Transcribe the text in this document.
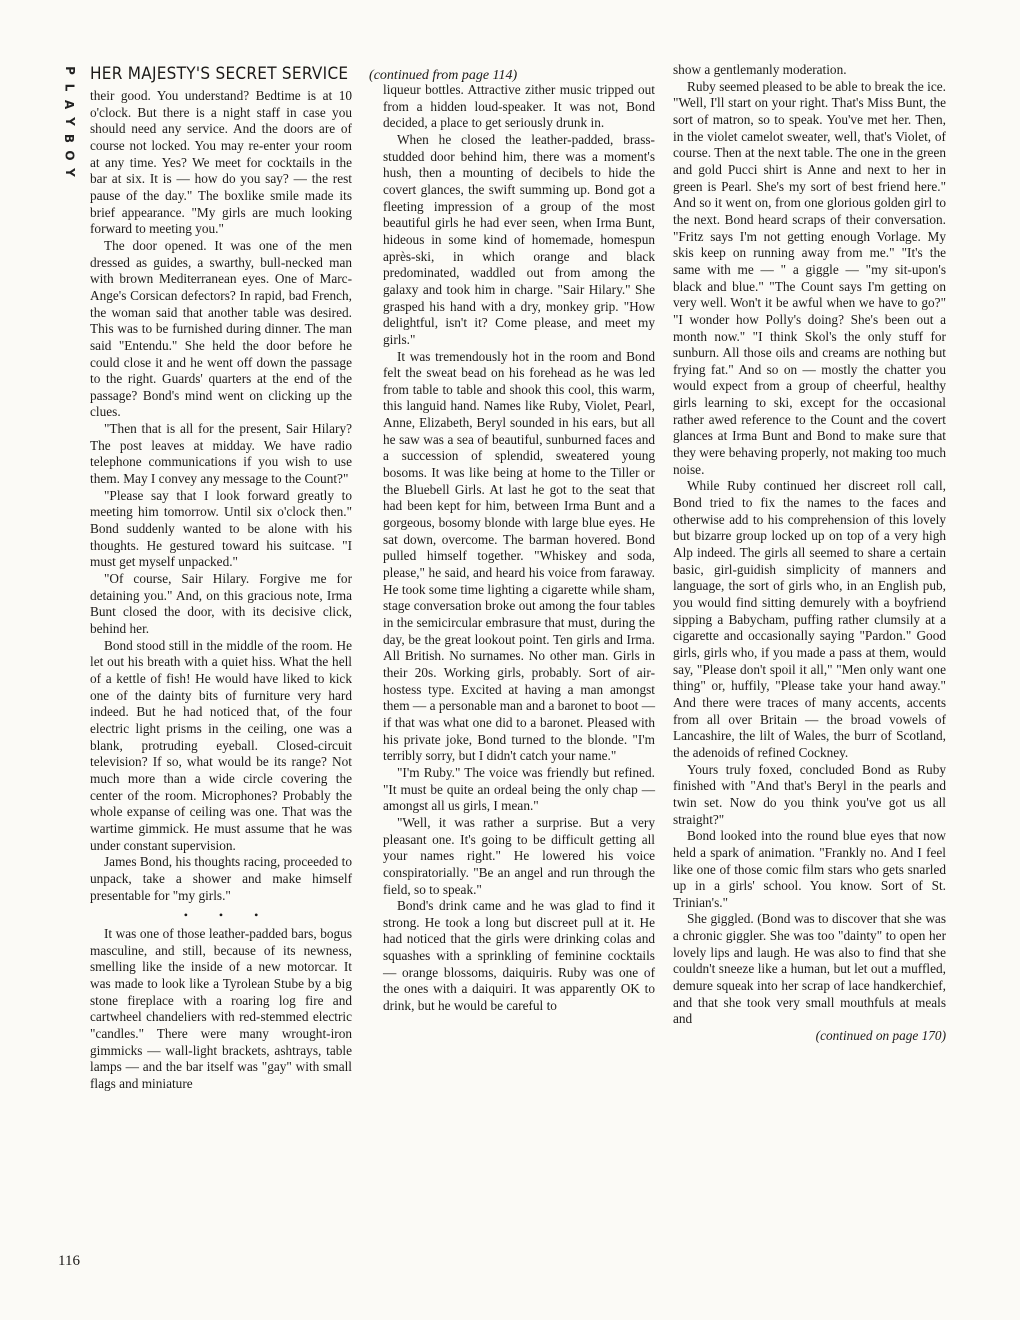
P
L
A
Y
B
O
Y
HER MAJESTY'S SECRET SERVICE (continued from page 114)

their good. You understand? Bedtime is at 10 o'clock. But there is a night staff in case you should need any service. And the doors are of course not locked. You may re-enter your room at any time. Yes? We meet for cocktails in the bar at six. It is — how do you say? — the rest pause of the day." The boxlike smile made its brief appearance. "My girls are much looking forward to meeting you."

The door opened. It was one of the men dressed as guides, a swarthy, bull-necked man with brown Mediterranean eyes. One of Marc-Ange's Corsican defectors? In rapid, bad French, the woman said that another table was desired. This was to be furnished during dinner. The man said "Entendu." She held the door before he could close it and he went off down the passage to the right. Guards' quarters at the end of the passage? Bond's mind went on clicking up the clues.

"Then that is all for the present, Sair Hilary? The post leaves at midday. We have radio telephone communications if you wish to use them. May I convey any message to the Count?"

"Please say that I look forward greatly to meeting him tomorrow. Until six o'clock then." Bond suddenly wanted to be alone with his thoughts. He gestured toward his suitcase. "I must get myself unpacked."

"Of course, Sair Hilary. Forgive me for detaining you." And, on this gracious note, Irma Bunt closed the door, with its decisive click, behind her.

Bond stood still in the middle of the room. He let out his breath with a quiet hiss. What the hell of a kettle of fish! He would have liked to kick one of the dainty bits of furniture very hard indeed. But he had noticed that, of the four electric light prisms in the ceiling, one was a blank, protruding eyeball. Closed-circuit television? If so, what would be its range? Not much more than a wide circle covering the center of the room. Microphones? Probably the whole expanse of ceiling was one. That was the wartime gimmick. He must assume that he was under constant supervision.

James Bond, his thoughts racing, proceeded to unpack, take a shower and make himself presentable for "my girls."

• • •

It was one of those leather-padded bars, bogus masculine, and still, because of its newness, smelling like the inside of a new motorcar. It was made to look like a Tyrolean Stube by a big stone fireplace with a roaring log fire and cartwheel chandeliers with red-stemmed electric "candles." There were many wrought-iron gimmicks — wall-light brackets, ashtrays, table lamps — and the bar itself was "gay" with small flags and miniature

liqueur bottles. Attractive zither music tripped out from a hidden loud-speaker. It was not, Bond decided, a place to get seriously drunk in.

When he closed the leather-padded, brass-studded door behind him, there was a moment's hush, then a mounting of decibels to hide the covert glances, the swift summing up. Bond got a fleeting impression of a group of the most beautiful girls he had ever seen, when Irma Bunt, hideous in some kind of homemade, homespun après-ski, in which orange and black predominated, waddled out from among the galaxy and took him in charge. "Sair Hilary." She grasped his hand with a dry, monkey grip. "How delightful, isn't it? Come please, and meet my girls."

It was tremendously hot in the room and Bond felt the sweat bead on his forehead as he was led from table to table and shook this cool, this warm, this languid hand. Names like Ruby, Violet, Pearl, Anne, Elizabeth, Beryl sounded in his ears, but all he saw was a sea of beautiful, sunburned faces and a succession of splendid, sweatered young bosoms. It was like being at home to the Tiller or the Bluebell Girls. At last he got to the seat that had been kept for him, between Irma Bunt and a gorgeous, bosomy blonde with large blue eyes. He sat down, overcome. The barman hovered. Bond pulled himself together. "Whiskey and soda, please," he said, and heard his voice from faraway. He took some time lighting a cigarette while sham, stage conversation broke out among the four tables in the semicircular embrasure that must, during the day, be the great lookout point. Ten girls and Irma. All British. No surnames. No other man. Girls in their 20s. Working girls, probably. Sort of air-hostess type. Excited at having a man amongst them — a personable man and a baronet to boot — if that was what one did to a baronet. Pleased with his private joke, Bond turned to the blonde. "I'm terribly sorry, but I didn't catch your name."

"I'm Ruby." The voice was friendly but refined. "It must be quite an ordeal being the only chap — amongst all us girls, I mean."

"Well, it was rather a surprise. But a very pleasant one. It's going to be difficult getting all your names right." He lowered his voice conspiratorially. "Be an angel and run through the field, so to speak."

Bond's drink came and he was glad to find it strong. He took a long but discreet pull at it. He had noticed that the girls were drinking colas and squashes with a sprinkling of feminine cocktails — orange blossoms, daiquiris. Ruby was one of the ones with a daiquiri. It was apparently OK to drink, but he would be careful to

show a gentlemanly moderation.

Ruby seemed pleased to be able to break the ice. "Well, I'll start on your right. That's Miss Bunt, the sort of matron, so to speak. You've met her. Then, in the violet camelot sweater, well, that's Violet, of course. Then at the next table. The one in the green and gold Pucci shirt is Anne and next to her in green is Pearl. She's my sort of best friend here." And so it went on, from one glorious golden girl to the next. Bond heard scraps of their conversation. "Fritz says I'm not getting enough Vorlage. My skis keep on running away from me." "It's the same with me — " a giggle — "my sit-upon's black and blue." "The Count says I'm getting on very well. Won't it be awful when we have to go?" "I wonder how Polly's doing? She's been out a month now." "I think Skol's the only stuff for sunburn. All those oils and creams are nothing but frying fat." And so on — mostly the chatter you would expect from a group of cheerful, healthy girls learning to ski, except for the occasional rather awed reference to the Count and the covert glances at Irma Bunt and Bond to make sure that they were behaving properly, not making too much noise.

While Ruby continued her discreet roll call, Bond tried to fix the names to the faces and otherwise add to his comprehension of this lovely but bizarre group locked up on top of a very high Alp indeed. The girls all seemed to share a certain basic, girl-guidish simplicity of manners and language, the sort of girls who, in an English pub, you would find sitting demurely with a boyfriend sipping a Babycham, puffing rather clumsily at a cigarette and occasionally saying "Pardon." Good girls, girls who, if you made a pass at them, would say, "Please don't spoil it all," "Men only want one thing" or, huffily, "Please take your hand away." And there were traces of many accents, accents from all over Britain — the broad vowels of Lancashire, the lilt of Wales, the burr of Scotland, the adenoids of refined Cockney.

Yours truly foxed, concluded Bond as Ruby finished with "And that's Beryl in the pearls and twin set. Now do you think you've got us all straight?"

Bond looked into the round blue eyes that now held a spark of animation. "Frankly no. And I feel like one of those comic film stars who gets snarled up in a girls' school. You know. Sort of St. Trinian's."

She giggled. (Bond was to discover that she was a chronic giggler. She was too "dainty" to open her lovely lips and laugh. He was also to find that she couldn't sneeze like a human, but let out a muffled, demure squeak into her scrap of lace handkerchief, and that she took very small mouthfuls at meals and

(continued on page 170)

116
